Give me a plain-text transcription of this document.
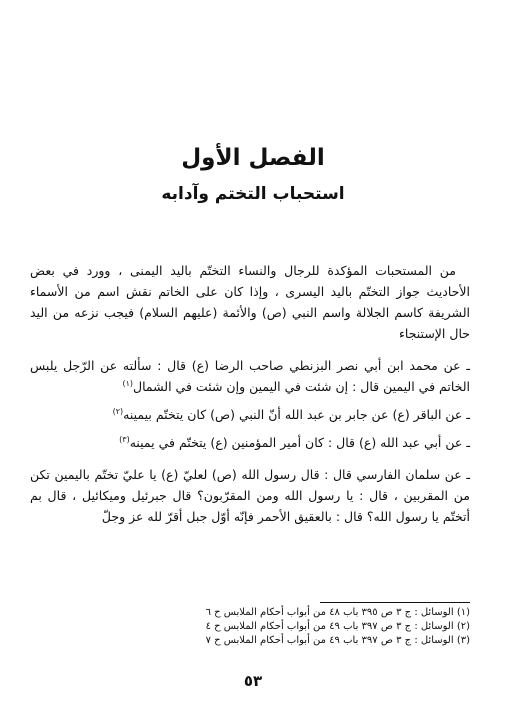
الفصل الأول
استحباب التختم وآدابه

من المستحبات المؤكدة للرجال والنساء التختّم باليد اليمنى ، وورد في بعض الأحاديث جواز التختّم باليد اليسرى ، وإذا كان على الخاتم نقش اسم من الأسماء الشريفة كاسم الجلالة واسم النبي (ص) والأئمة (عليهم السلام) فيجب نزعه من اليد حال الإستنجاء

ـ عن محمد ابن أبي نصر البزنطي صاحب الرضا (ع) قال : سألته عن الرّجل يلبس الخاتم في اليمين قال : إن شئت في اليمين وإن شئت في الشمال$^{(١)}$

ـ عن الباقر (ع) عن جابر بن عبد الله أنّ النبي (ص) كان يتختّم بيمينه$^{(٢)}$

ـ عن أبي عبد الله (ع) قال : كان أمير المؤمنين (ع) يتختّم في يمينه$^{(٣)}$

ـ عن سلمان الفارسي قال : قال رسول الله (ص) لعليّ (ع) يا عليّ تختّم باليمين تكن من المقربين ، قال : يا رسول الله ومن المقرّبون؟ قال جبرئيل وميكائيل ، قال بم أتختّم يا رسول الله؟ قال : بالعقيق الأحمر فإنّه أوّل جبل أقرّ لله عز وجلّ

(١) الوسائل : ج ٣ ص ٣٩٥ باب ٤٨ من أبواب أحكام الملابس ح ٦
(٢) الوسائل : ج ٣ ص ٣٩٧ باب ٤٩ من أبواب أحكام الملابس ح ٤
(٣) الوسائل : ج ٣ ص ٣٩٧ باب ٤٩ من أبواب أحكام الملابس ح ٧
٥٣
